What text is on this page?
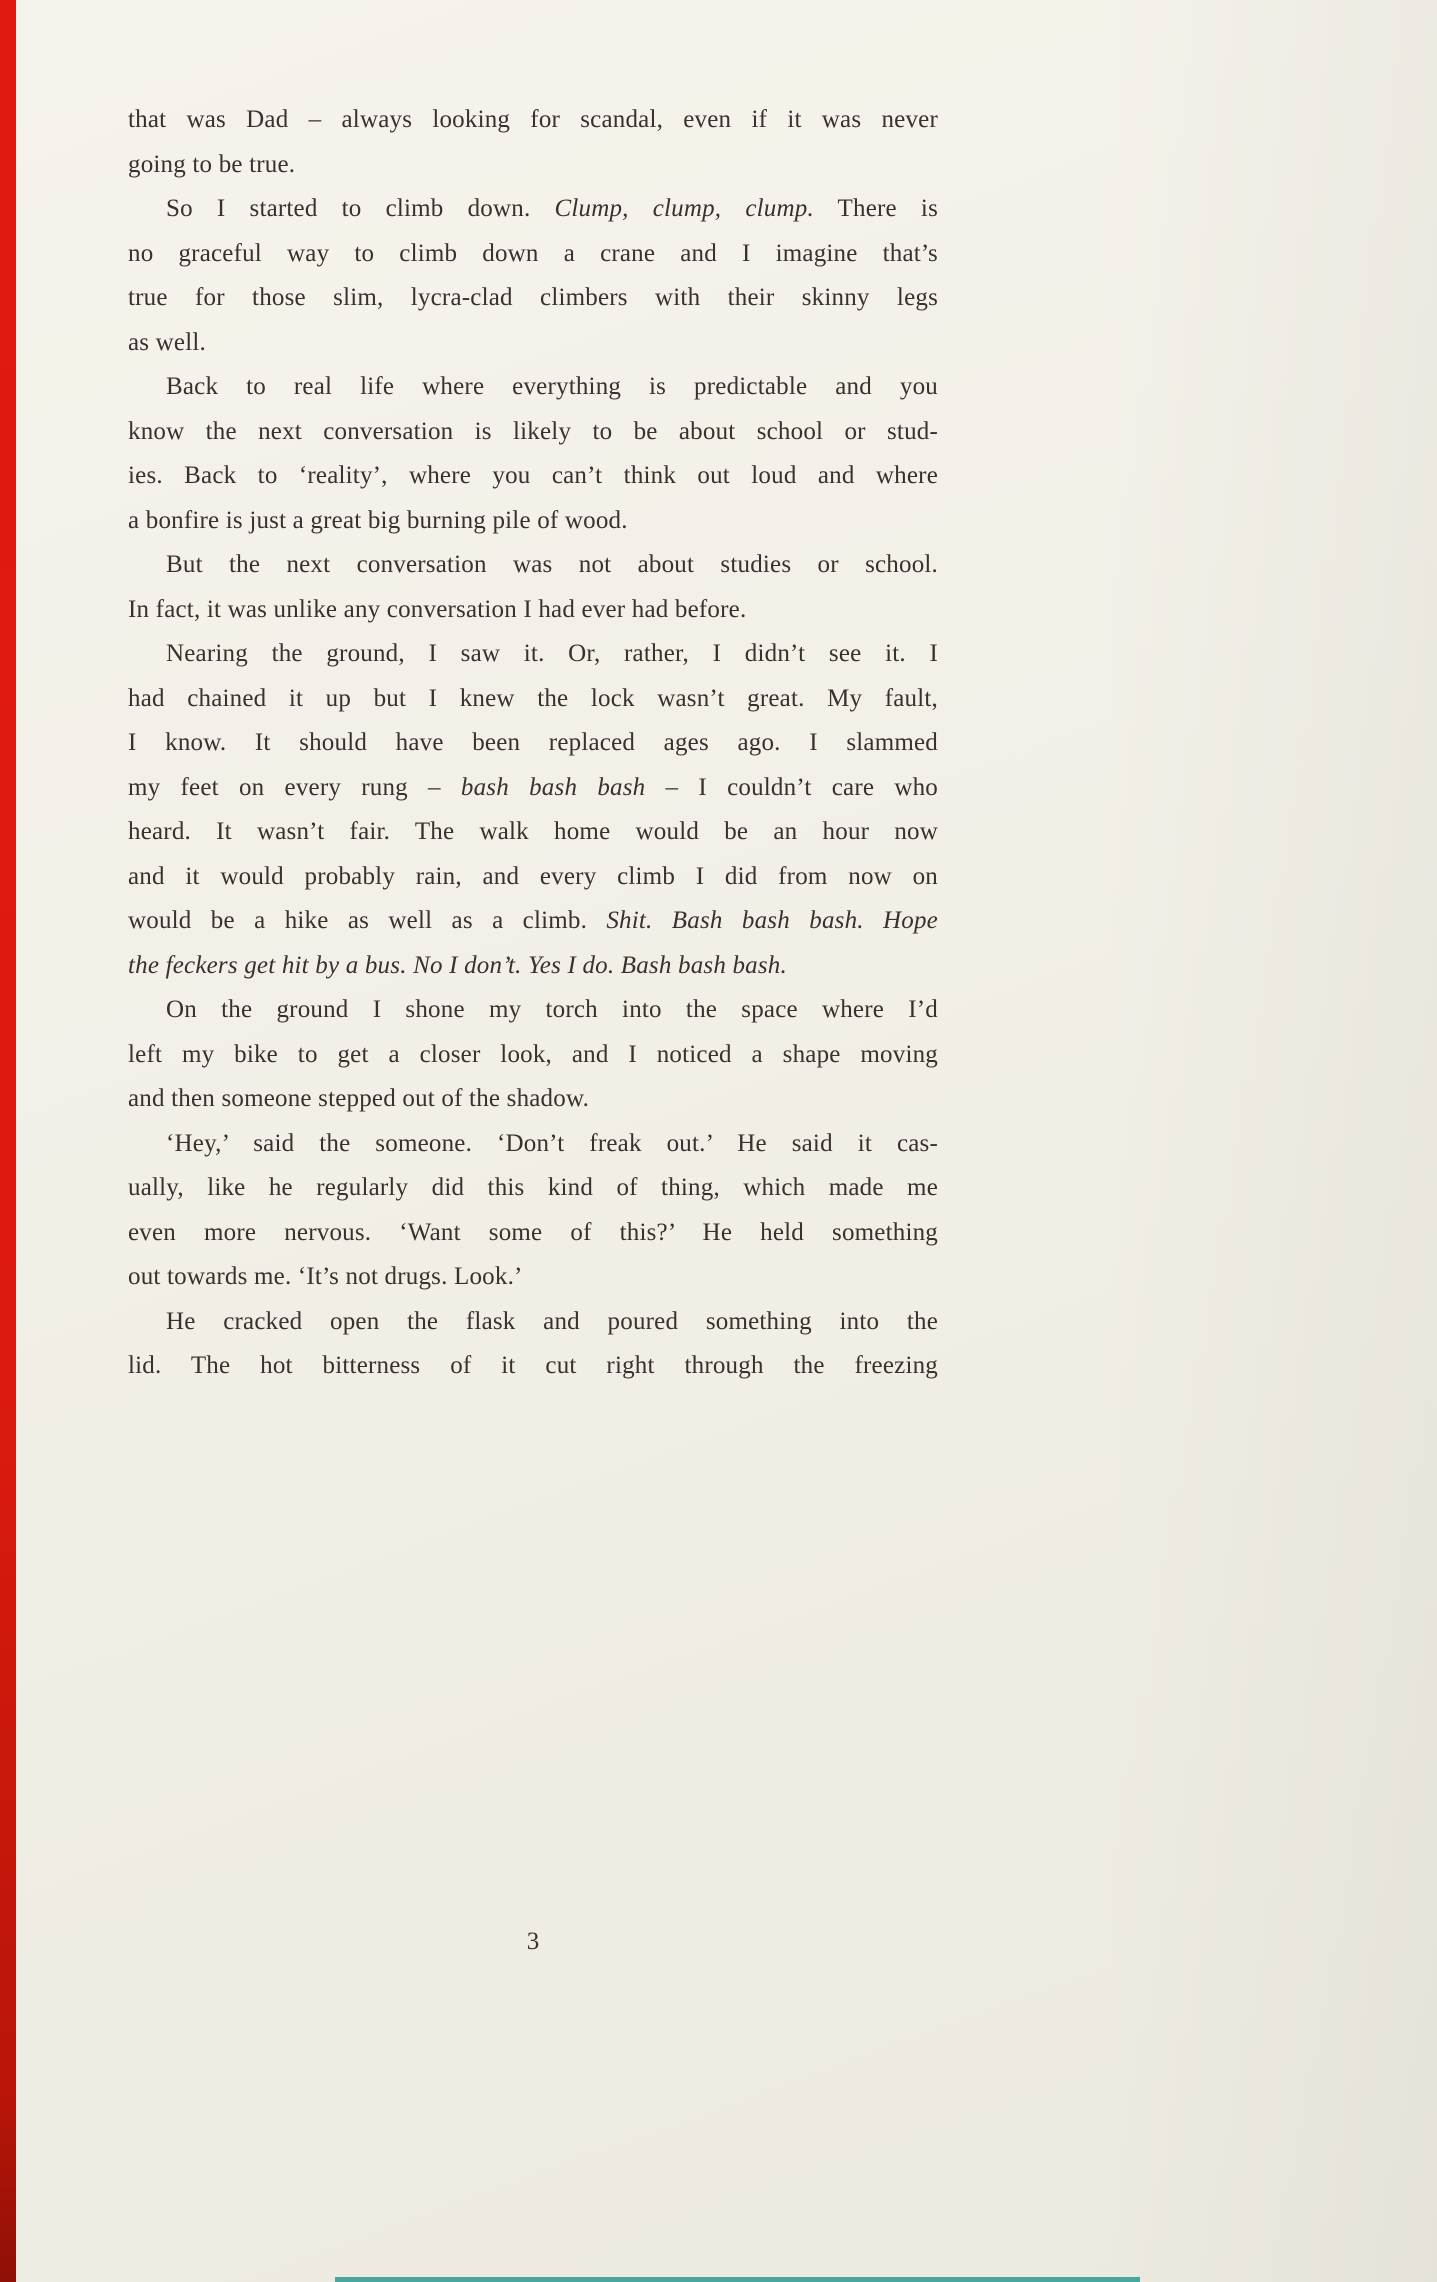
that was Dad – always looking for scandal, even if it was never
going to be true.
So I started to climb down. Clump, clump, clump. There is
no graceful way to climb down a crane and I imagine that’s
true for those slim, lycra-clad climbers with their skinny legs
as well.
Back to real life where everything is predictable and you
know the next conversation is likely to be about school or stud-
ies. Back to ‘reality’, where you can’t think out loud and where
a bonfire is just a great big burning pile of wood.
But the next conversation was not about studies or school.
In fact, it was unlike any conversation I had ever had before.
Nearing the ground, I saw it. Or, rather, I didn’t see it. I
had chained it up but I knew the lock wasn’t great. My fault,
I know. It should have been replaced ages ago. I slammed
my feet on every rung – bash bash bash – I couldn’t care who
heard. It wasn’t fair. The walk home would be an hour now
and it would probably rain, and every climb I did from now on
would be a hike as well as a climb. Shit. Bash bash bash. Hope
the feckers get hit by a bus. No I don’t. Yes I do. Bash bash bash.
On the ground I shone my torch into the space where I’d
left my bike to get a closer look, and I noticed a shape moving
and then someone stepped out of the shadow.
‘Hey,’ said the someone. ‘Don’t freak out.’ He said it cas-
ually, like he regularly did this kind of thing, which made me
even more nervous. ‘Want some of this?’ He held something
out towards me. ‘It’s not drugs. Look.’
He cracked open the flask and poured something into the
lid. The hot bitterness of it cut right through the freezing
3
